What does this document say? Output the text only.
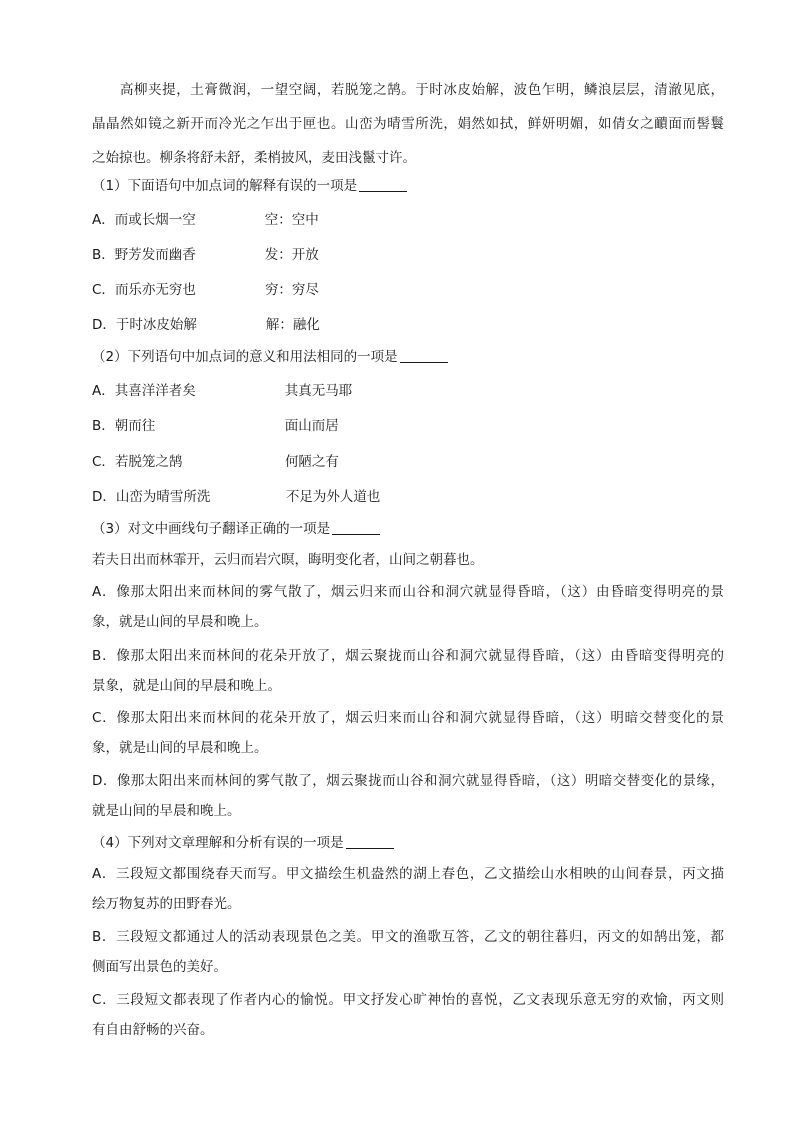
高柳夹提，土膏微润，一望空阔，若脱笼之鹄。于时冰皮始解，波色乍明，鳞浪层层，清澈见底，
晶晶然如镜之新开而冷光之乍出于匣也。山峦为晴雪所洗，娟然如拭，鲜妍明媚，如倩女之靧面而髻鬟
之始掠也。柳条将舒未舒，柔梢披风，麦田浅鬣寸许。
（1）下面语句中加点词的解释有误的一项是
A．而或长烟一空	空：空中
B．野芳发而幽香	发：开放
C．而乐亦无穷也	穷：穷尽
D．于时冰皮始解	解：融化
（2）下列语句中加点词的意义和用法相同的一项是
A．其喜洋洋者矣	其真无马耶
B．朝而往	面山而居
C．若脱笼之鹄	何陋之有
D．山峦为晴雪所洗	不足为外人道也
（3）对文中画线句子翻译正确的一项是
若夫日出而林霏开，云归而岩穴暝，晦明变化者，山间之朝暮也。
A．像那太阳出来而林间的雾气散了，烟云归来而山谷和洞穴就显得昏暗，（这）由昏暗变得明亮的景
象，就是山间的早晨和晚上。
B．像那太阳出来而林间的花朵开放了，烟云聚拢而山谷和洞穴就显得昏暗，（这）由昏暗变得明亮的
景象，就是山间的早晨和晚上。
C．像那太阳出来而林间的花朵开放了，烟云归来而山谷和洞穴就显得昏暗，（这）明暗交替变化的景
象，就是山间的早晨和晚上。
D．像那太阳出来而林间的雾气散了，烟云聚拢而山谷和洞穴就显得昏暗，（这）明暗交替变化的景缘，
就是山间的早晨和晚上。
（4）下列对文章理解和分析有误的一项是
A．三段短文都围绕春天而写。甲文描绘生机盎然的湖上春色，乙文描绘山水相映的山间春景，丙文描
绘万物复苏的田野春光。
B．三段短文都通过人的活动表现景色之美。甲文的渔歌互答，乙文的朝往暮归，丙文的如鹄出笼，都
侧面写出景色的美好。
C．三段短文都表现了作者内心的愉悦。甲文抒发心旷神怡的喜悦，乙文表现乐意无穷的欢愉，丙文则
有自由舒畅的兴奋。
